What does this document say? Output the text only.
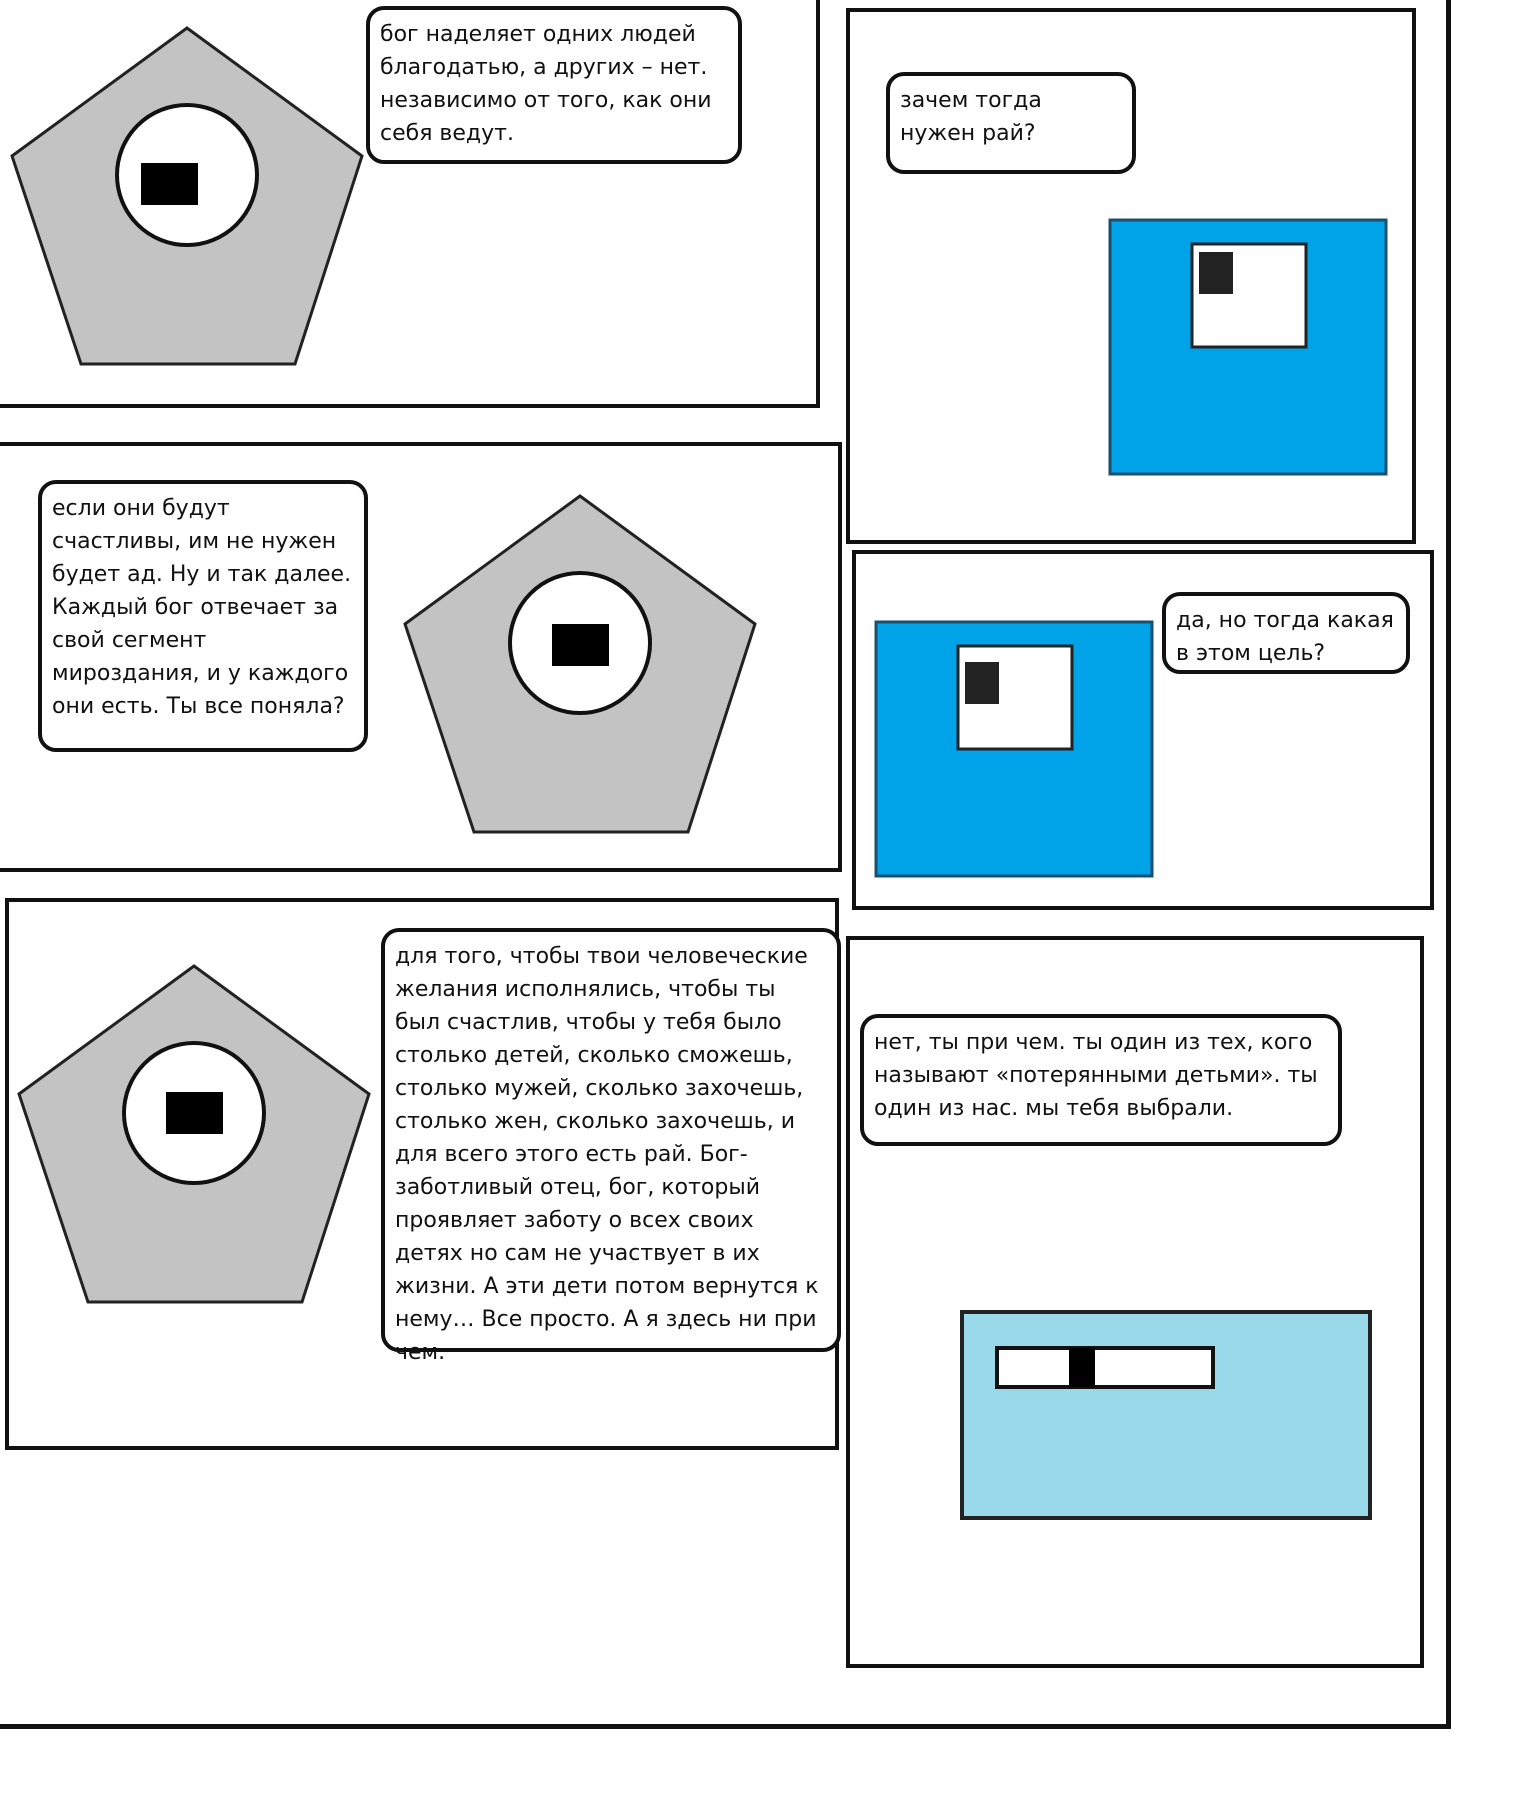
бог наделяет одних людей благодатью, а других – нет. независимо от того, как они себя ведут.
зачем тогда нужен рай?
если они будут счастливы, им не нужен будет ад. Ну и так далее. Каждый бог отвечает за свой сегмент мироздания, и у каждого они есть. Ты все поняла?
да, но тогда какая в этом цель?
для того, чтобы твои человеческие желания исполнялись, чтобы ты был счастлив, чтобы у тебя было столько детей, сколько сможешь, столько мужей, сколько захочешь, столько жен, сколько захочешь, и для всего этого есть рай. Бог-заботливый отец, бог, который проявляет заботу о всех своих детях но сам не участвует в их жизни. А эти дети потом вернутся к нему… Все просто. А я здесь ни при чем.
нет, ты при чем. ты один из тех, кого называют «потерянными детьми». ты один из нас. мы тебя выбрали.
